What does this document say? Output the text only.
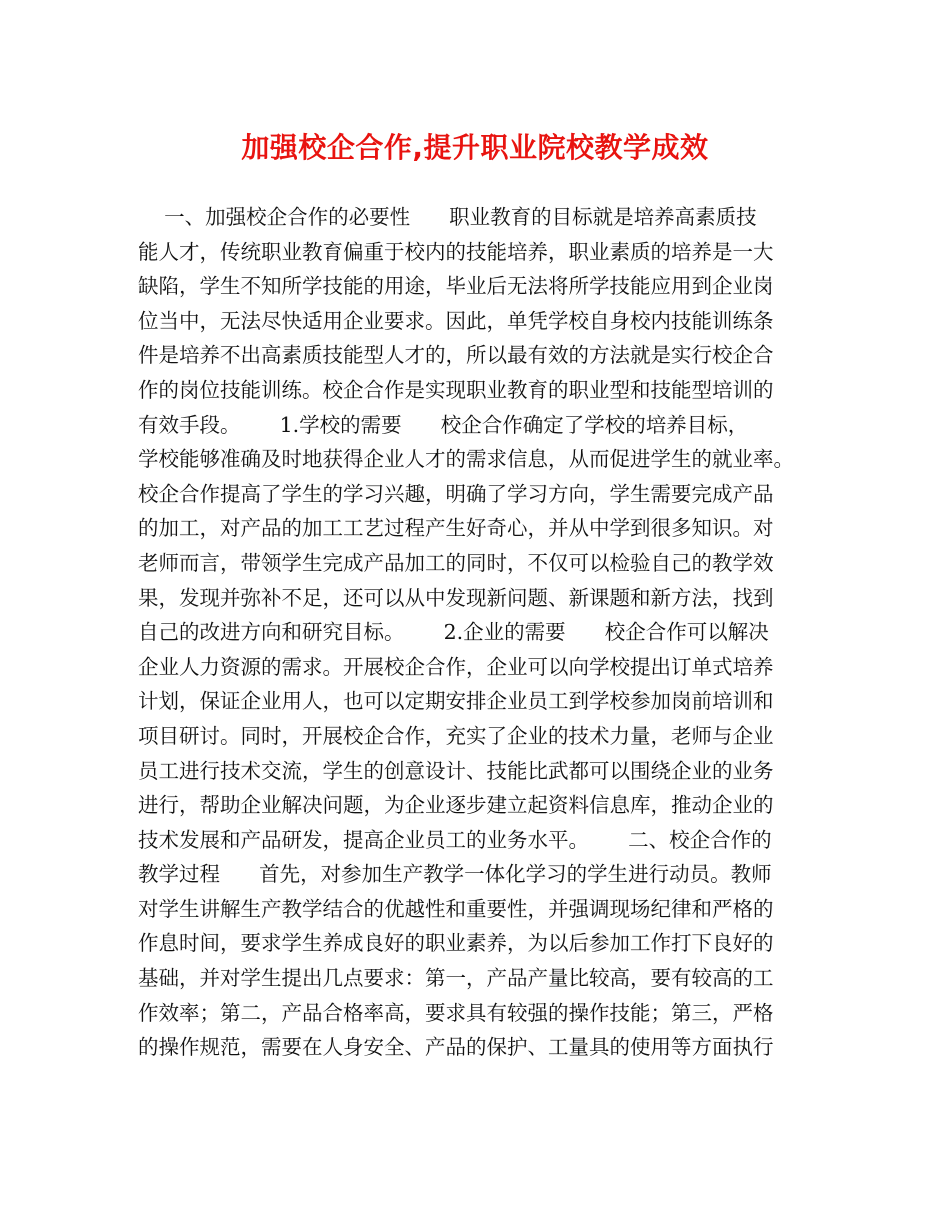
加强校企合作,提升职业院校教学成效
一、加强校企合作的必要性      职业教育的目标就是培养高素质技
能人才，传统职业教育偏重于校内的技能培养，职业素质的培养是一大
缺陷，学生不知所学技能的用途，毕业后无法将所学技能应用到企业岗
位当中，无法尽快适用企业要求。因此，单凭学校自身校内技能训练条
件是培养不出高素质技能型人才的，所以最有效的方法就是实行校企合
作的岗位技能训练。校企合作是实现职业教育的职业型和技能型培训的
有效手段。      1.学校的需要      校企合作确定了学校的培养目标，
学校能够准确及时地获得企业人才的需求信息，从而促进学生的就业率。
校企合作提高了学生的学习兴趣，明确了学习方向，学生需要完成产品
的加工，对产品的加工工艺过程产生好奇心，并从中学到很多知识。对
老师而言，带领学生完成产品加工的同时，不仅可以检验自己的教学效
果，发现并弥补不足，还可以从中发现新问题、新课题和新方法，找到
自己的改进方向和研究目标。      2.企业的需要      校企合作可以解决
企业人力资源的需求。开展校企合作，企业可以向学校提出订单式培养
计划，保证企业用人，也可以定期安排企业员工到学校参加岗前培训和
项目研讨。同时，开展校企合作，充实了企业的技术力量，老师与企业
员工进行技术交流，学生的创意设计、技能比武都可以围绕企业的业务
进行，帮助企业解决问题，为企业逐步建立起资料信息库，推动企业的
技术发展和产品研发，提高企业员工的业务水平。      二、校企合作的
教学过程      首先，对参加生产教学一体化学习的学生进行动员。教师
对学生讲解生产教学结合的优越性和重要性，并强调现场纪律和严格的
作息时间，要求学生养成良好的职业素养，为以后参加工作打下良好的
基础，并对学生提出几点要求：第一，产品产量比较高，要有较高的工
作效率；第二，产品合格率高，要求具有较强的操作技能；第三，严格
的操作规范，需要在人身安全、产品的保护、工量具的使用等方面执行
